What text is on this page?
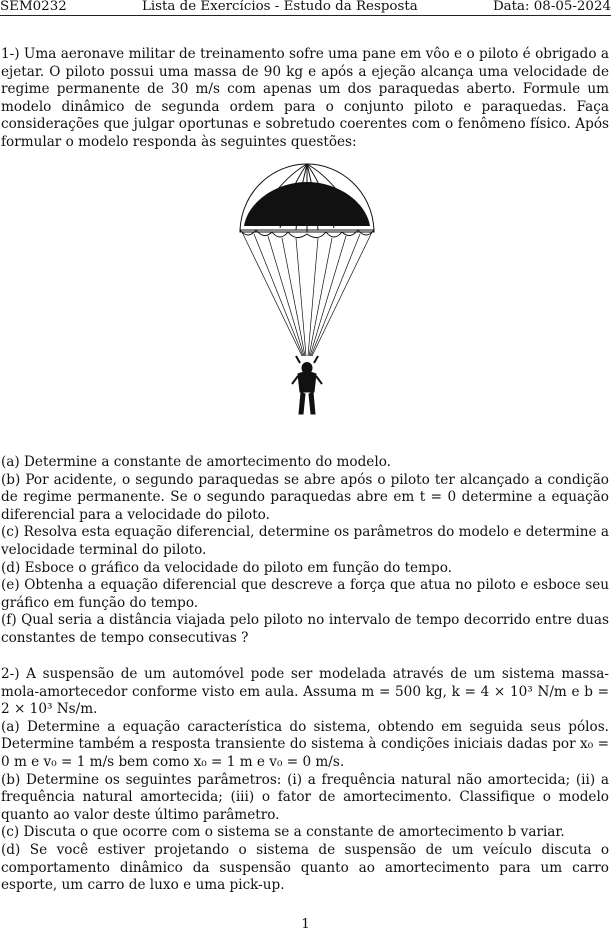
SEM0232	Lista de Exercícios - Estudo da Resposta	Data: 08-05-2024

1-) Uma aeronave militar de treinamento sofre uma pane em vôo e o piloto é obrigado a ejetar. O piloto possui uma massa de 90 kg e após a ejeção alcança uma velocidade de regime permanente de 30 m/s com apenas um dos paraquedas aberto. Formule um modelo dinâmico de segunda ordem para o conjunto piloto e paraquedas. Faça considerações que julgar oportunas e sobretudo coerentes com o fenômeno físico. Após formular o modelo responda às seguintes questões:

(a) Determine a constante de amortecimento do modelo.

(b) Por acidente, o segundo paraquedas se abre após o piloto ter alcançado a condição de regime permanente. Se o segundo paraquedas abre em t = 0 determine a equação diferencial para a velocidade do piloto.

(c) Resolva esta equação diferencial, determine os parâmetros do modelo e determine a velocidade terminal do piloto.

(d) Esboce o gráfico da velocidade do piloto em função do tempo.

(e) Obtenha a equação diferencial que descreve a força que atua no piloto e esboce seu gráfico em função do tempo.

(f) Qual seria a distância viajada pelo piloto no intervalo de tempo decorrido entre duas constantes de tempo consecutivas ?

2-) A suspensão de um automóvel pode ser modelada através de um sistema massa-mola-amortecedor conforme visto em aula. Assuma m = 500 kg, k = 4 × 10³ N/m e b = 2 × 10³ Ns/m.

(a) Determine a equação característica do sistema, obtendo em seguida seus pólos. Determine também a resposta transiente do sistema à condições iniciais dadas por x₀ = 0 m e v₀ = 1 m/s bem como x₀ = 1 m e v₀ = 0 m/s.

(b) Determine os seguintes parâmetros: (i) a frequência natural não amortecida; (ii) a frequência natural amortecida; (iii) o fator de amortecimento. Classifique o modelo quanto ao valor deste último parâmetro.

(c) Discuta o que ocorre com o sistema se a constante de amortecimento b variar.

(d) Se você estiver projetando o sistema de suspensão de um veículo discuta o comportamento dinâmico da suspensão quanto ao amortecimento para um carro esporte, um carro de luxo e uma pick-up.

1
